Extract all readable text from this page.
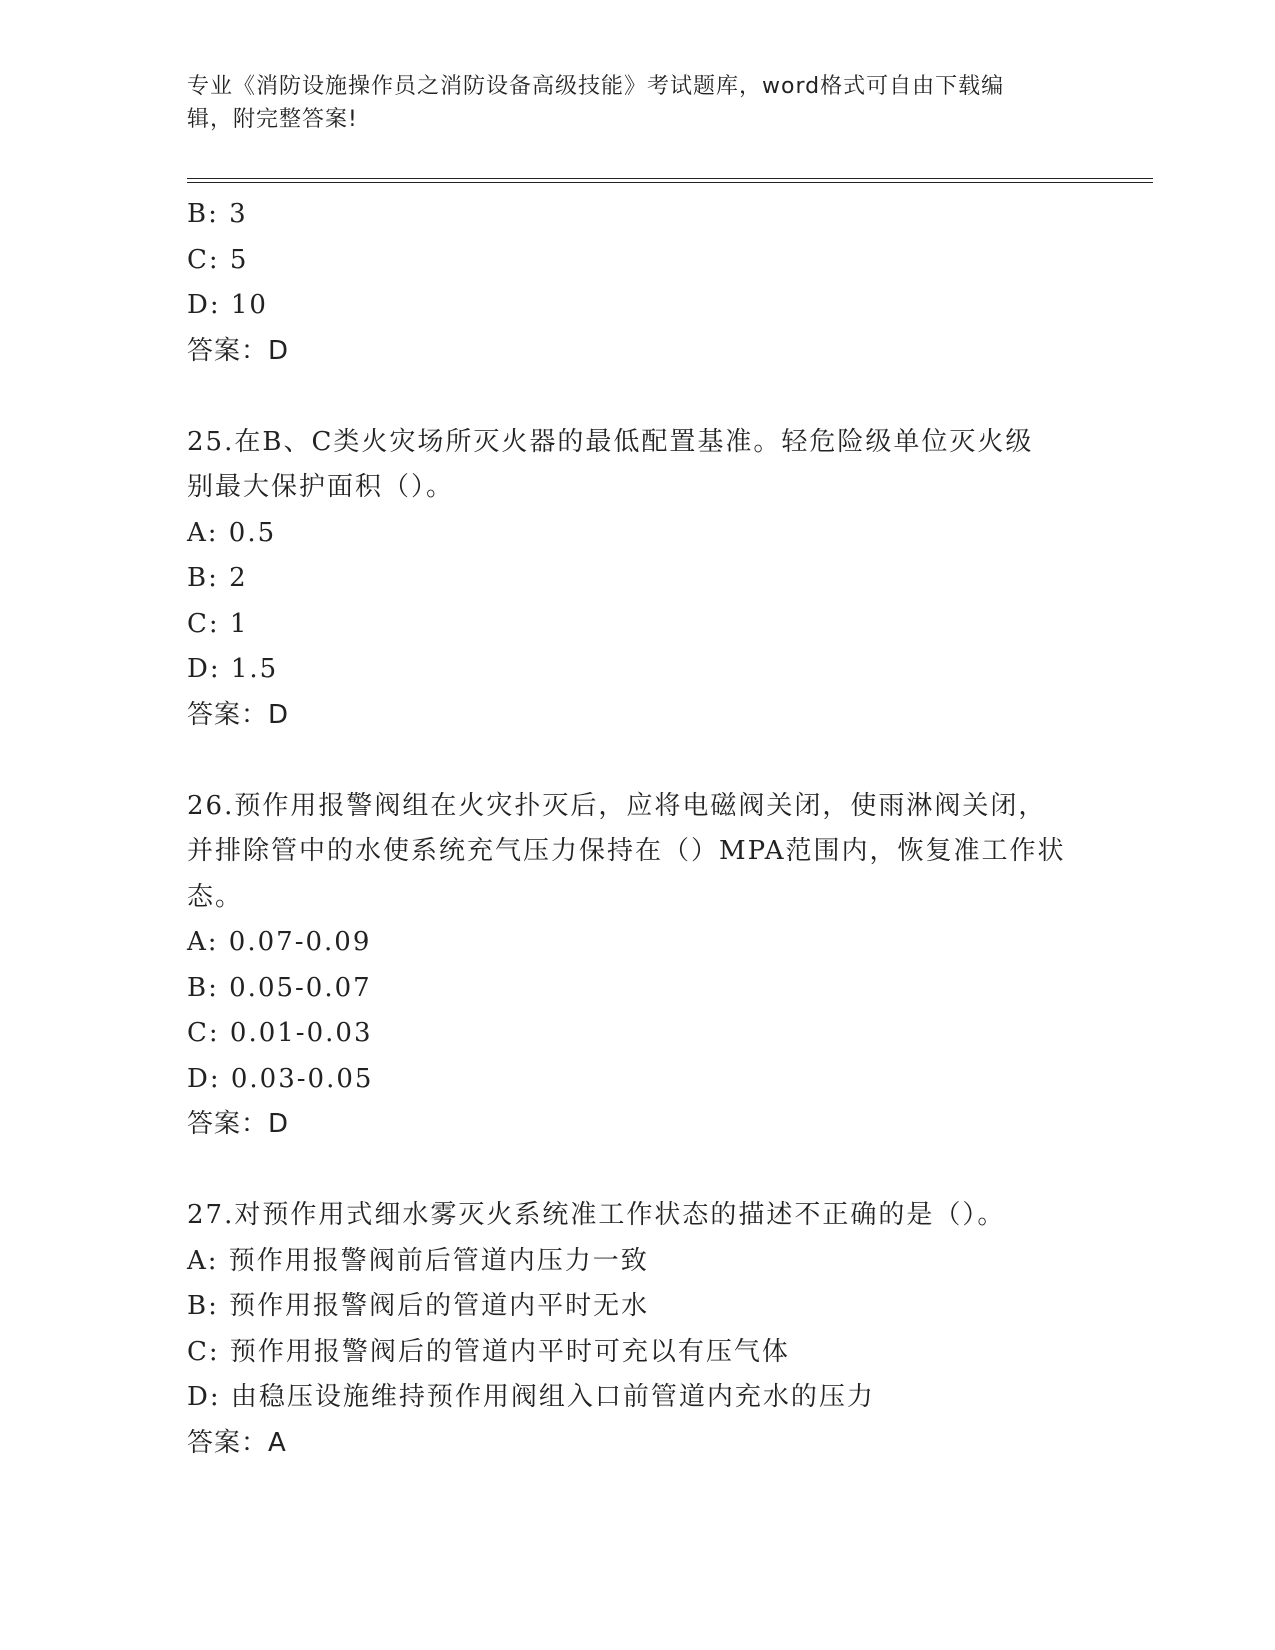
专业《消防设施操作员之消防设备高级技能》考试题库，word格式可自由下载编
辑，附完整答案!
B: 3
C: 5
D: 10
答案：D
25.在B、C类火灾场所灭火器的最低配置基准。轻危险级单位灭火级
别最大保护面积（）。
A: 0.5
B: 2
C: 1
D: 1.5
答案：D
26.预作用报警阀组在火灾扑灭后，应将电磁阀关闭，使雨淋阀关闭，
并排除管中的水使系统充气压力保持在（）MPA范围内，恢复准工作状
态。
A: 0.07-0.09
B: 0.05-0.07
C: 0.01-0.03
D: 0.03-0.05
答案：D
27.对预作用式细水雾灭火系统准工作状态的描述不正确的是（）。
A: 预作用报警阀前后管道内压力一致
B: 预作用报警阀后的管道内平时无水
C: 预作用报警阀后的管道内平时可充以有压气体
D: 由稳压设施维持预作用阀组入口前管道内充水的压力
答案：A
